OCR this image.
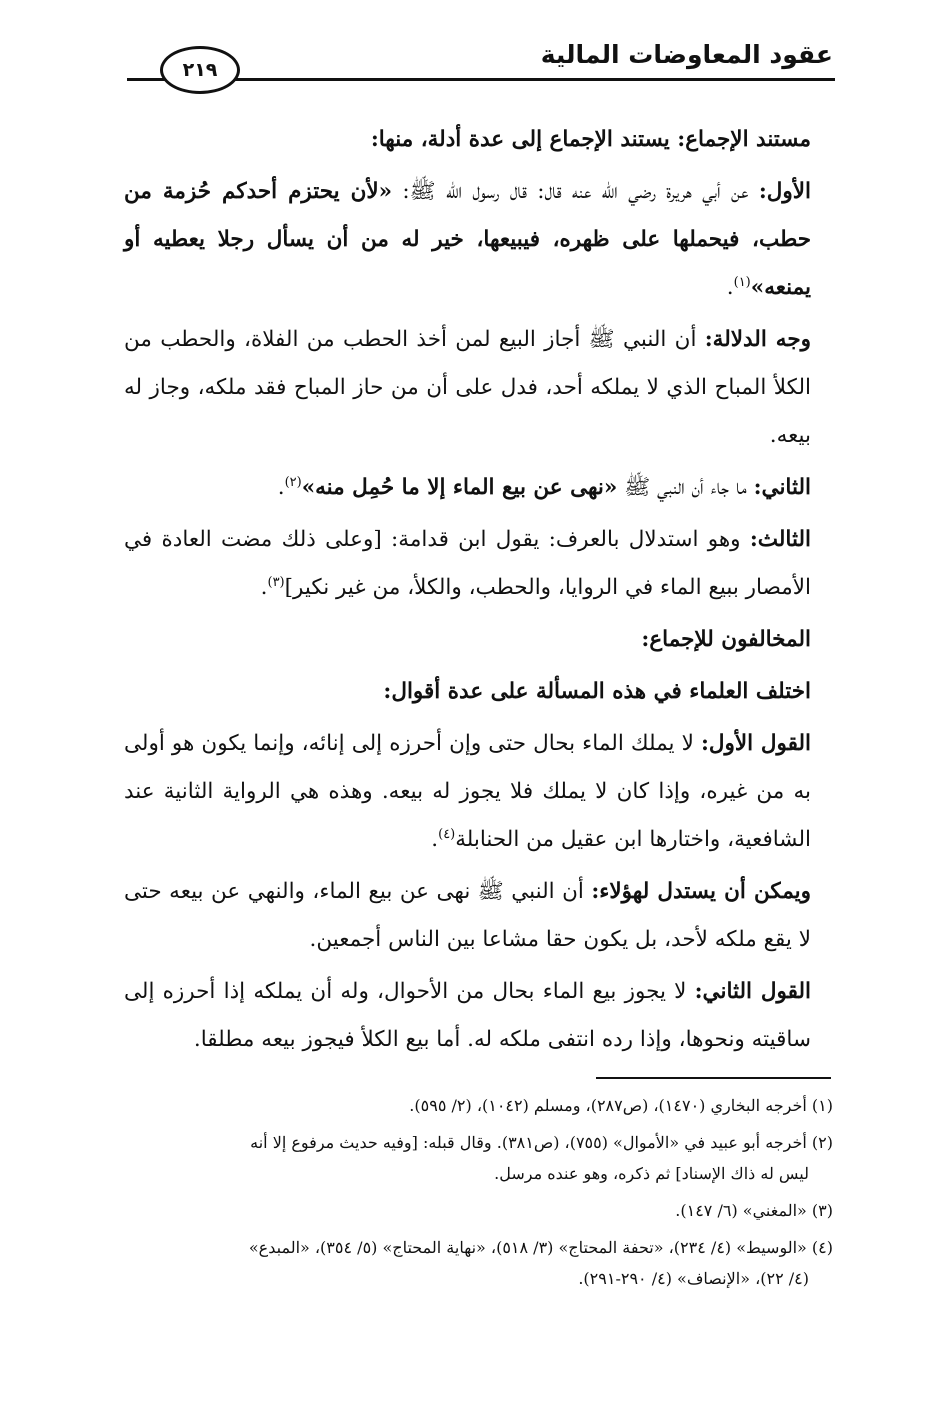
عقود المعاوضات المالية
٢١٩

مستند الإجماع: يستند الإجماع إلى عدة أدلة، منها:

الأول: عن أبي هريرة رضي الله عنه قال: قال رسول الله ﷺ: «لأن يحتزم أحدكم حُزمة من حطب، فيحملها على ظهره، فيبيعها، خير له من أن يسأل رجلا يعطيه أو يمنعه»$^{(١)}$.

وجه الدلالة: أن النبي ﷺ أجاز البيع لمن أخذ الحطب من الفلاة، والحطب من الكلأ المباح الذي لا يملكه أحد، فدل على أن من حاز المباح فقد ملكه، وجاز له بيعه.

الثاني: ما جاء أن النبي ﷺ «نهى عن بيع الماء إلا ما حُمِل منه»$^{(٢)}$.

الثالث: وهو استدلال بالعرف: يقول ابن قدامة: [وعلى ذلك مضت العادة في الأمصار ببيع الماء في الروايا، والحطب، والكلأ، من غير نكير]$^{(٣)}$.

المخالفون للإجماع:

اختلف العلماء في هذه المسألة على عدة أقوال:

القول الأول: لا يملك الماء بحال حتى وإن أحرزه إلى إنائه، وإنما يكون هو أولى به من غيره، وإذا كان لا يملك فلا يجوز له بيعه. وهذه هي الرواية الثانية عند الشافعية، واختارها ابن عقيل من الحنابلة$^{(٤)}$.

ويمكن أن يستدل لهؤلاء: أن النبي ﷺ نهى عن بيع الماء، والنهي عن بيعه حتى لا يقع ملكه لأحد، بل يكون حقا مشاعا بين الناس أجمعين.

القول الثاني: لا يجوز بيع الماء بحال من الأحوال، وله أن يملكه إذا أحرزه إلى ساقيته ونحوها، وإذا رده انتفى ملكه له. أما بيع الكلأ فيجوز بيعه مطلقا.

(١) أخرجه البخاري (١٤٧٠)، (ص٢٨٧)، ومسلم (١٠٤٢)، (٢/ ٥٩٥).

(٢) أخرجه أبو عبيد في «الأموال» (٧٥٥)، (ص٣٨١). وقال قبله: [وفيه حديث مرفوع إلا أنه
ليس له ذاك الإسناد] ثم ذكره، وهو عنده مرسل.

(٣) «المغني» (٦/ ١٤٧).

(٤) «الوسيط» (٤/ ٢٣٤)، «تحفة المحتاج» (٣/ ٥١٨)، «نهاية المحتاج» (٥/ ٣٥٤)، «المبدع»
(٤/ ٢٢)، «الإنصاف» (٤/ ٢٩٠-٢٩١).
